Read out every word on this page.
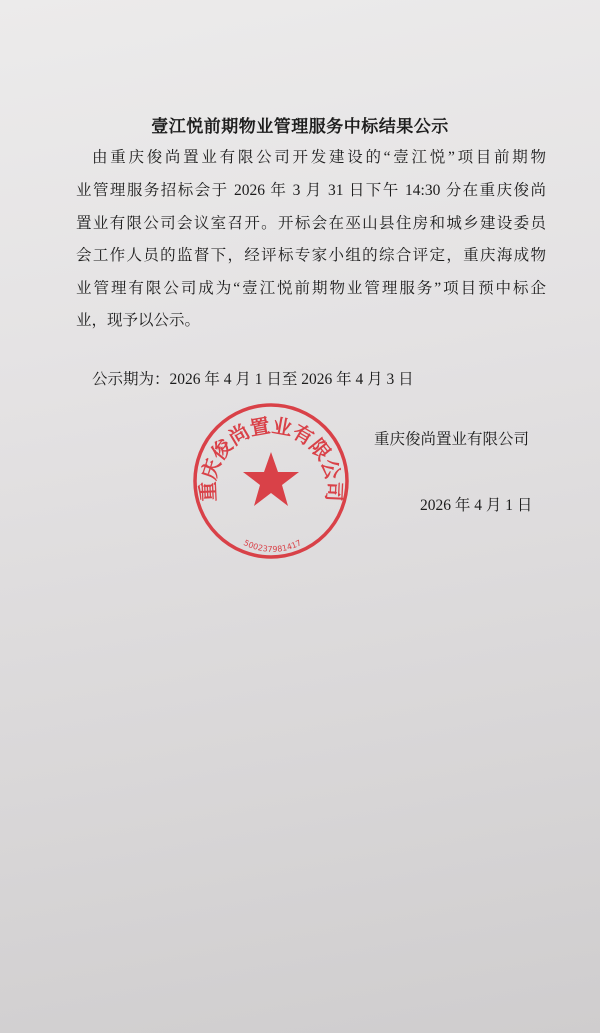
壹江悦前期物业管理服务中标结果公示
由重庆俊尚置业有限公司开发建设的“壹江悦”项目前期物
业管理服务招标会于 2026 年 3 月 31 日下午 14:30 分在重庆俊尚
置业有限公司会议室召开。开标会在巫山县住房和城乡建设委员
会工作人员的监督下，经评标专家小组的综合评定，重庆海成物
业管理有限公司成为“壹江悦前期物业管理服务”项目预中标企
业，现予以公示。
公示期为：2026 年 4 月 1 日至 2026 年 4 月 3 日
重庆俊尚置业有限公司
2026 年 4 月 1 日
重庆俊尚置业有限公司
500237981417
